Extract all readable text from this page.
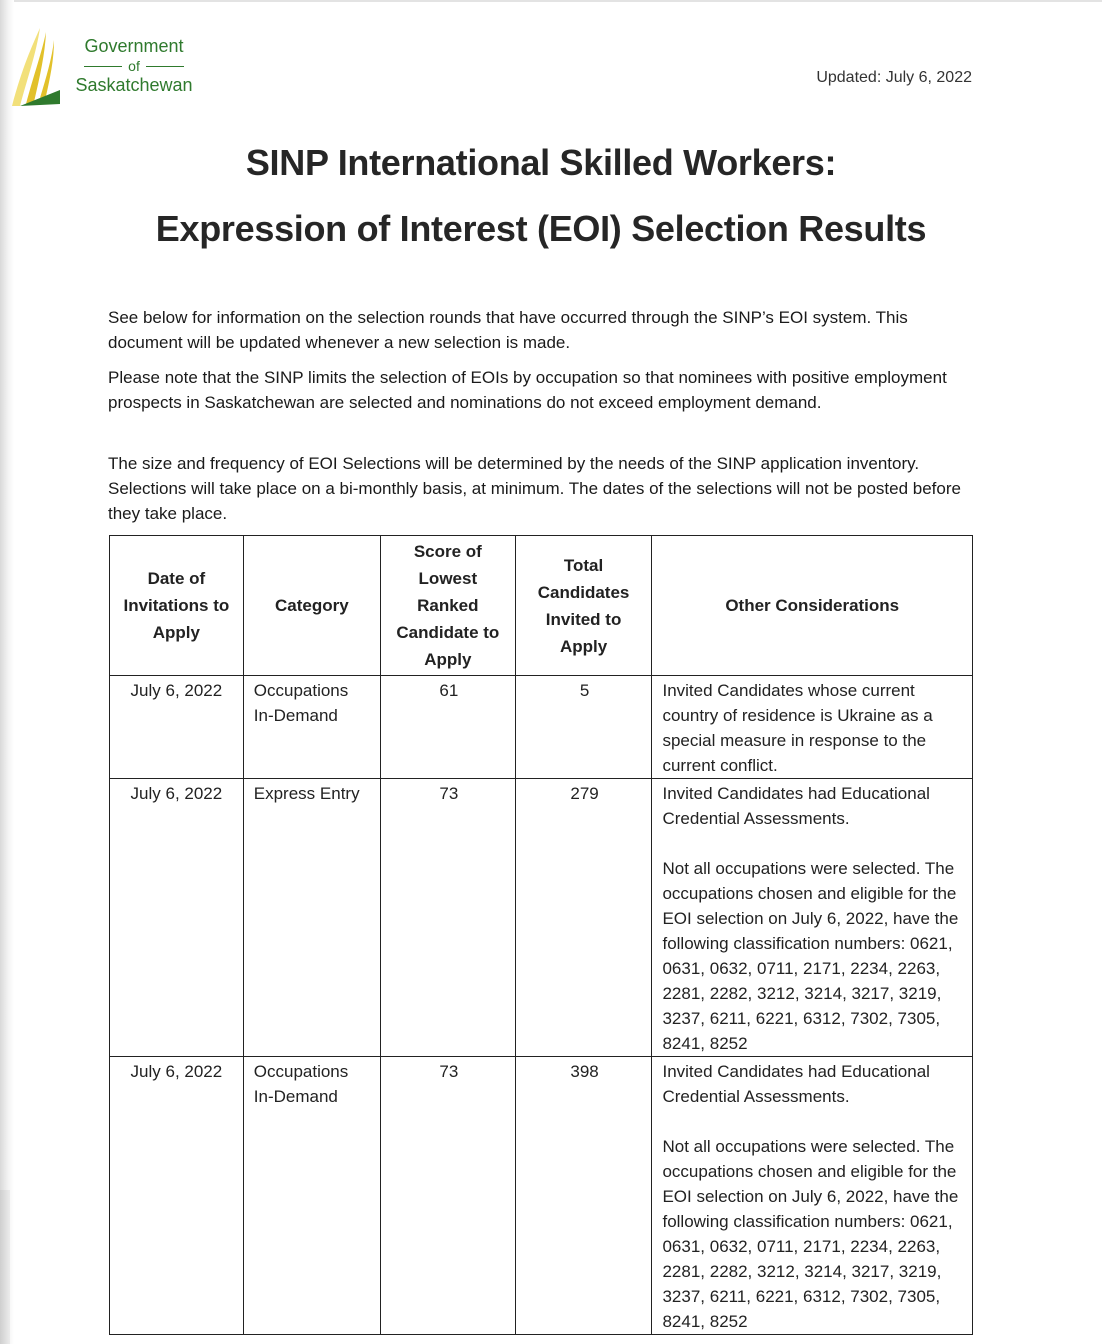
Government
of
Saskatchewan	Updated: July 6, 2022
SINP International Skilled Workers:
Expression of Interest (EOI) Selection Results
See below for information on the selection rounds that have occurred through the SINP’s EOI system. This document will be updated whenever a new selection is made.
Please note that the SINP limits the selection of EOIs by occupation so that nominees with positive employment prospects in Saskatchewan are selected and nominations do not exceed employment demand.
The size and frequency of EOI Selections will be determined by the needs of the SINP application inventory. Selections will take place on a bi-monthly basis, at minimum. The dates of the selections will not be posted before they take place.
Date of Invitations to Apply	Category	Score of Lowest Ranked Candidate to Apply	Total Candidates Invited to Apply	Other Considerations
July 6, 2022	Occupations In-Demand	61	5	Invited Candidates whose current country of residence is Ukraine as a special measure in response to the current conflict.
July 6, 2022	Express Entry	73	279	Invited Candidates had Educational Credential Assessments.

Not all occupations were selected. The occupations chosen and eligible for the EOI selection on July 6, 2022, have the following classification numbers: 0621, 0631, 0632, 0711, 2171, 2234, 2263, 2281, 2282, 3212, 3214, 3217, 3219, 3237, 6211, 6221, 6312, 7302, 7305, 8241, 8252
July 6, 2022	Occupations In-Demand	73	398	Invited Candidates had Educational Credential Assessments.

Not all occupations were selected. The occupations chosen and eligible for the EOI selection on July 6, 2022, have the following classification numbers: 0621, 0631, 0632, 0711, 2171, 2234, 2263, 2281, 2282, 3212, 3214, 3217, 3219, 3237, 6211, 6221, 6312, 7302, 7305, 8241, 8252
